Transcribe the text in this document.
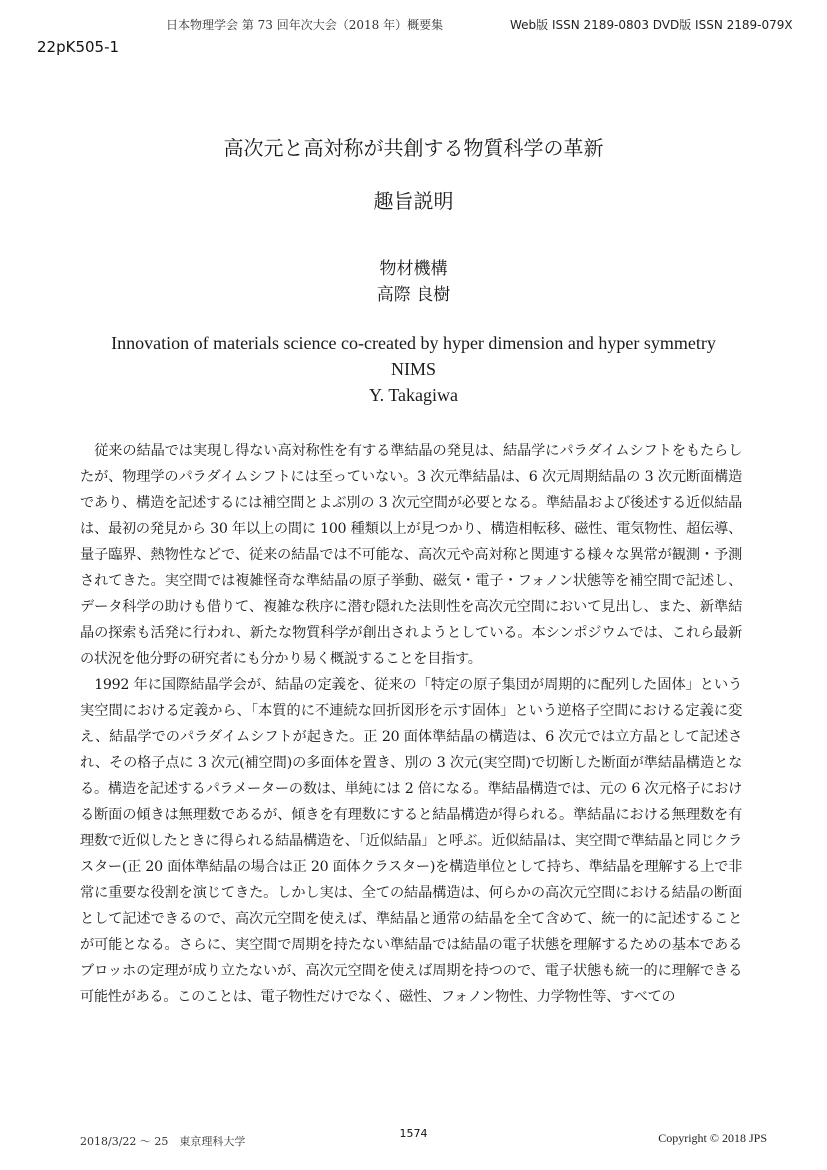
日本物理学会 第 73 回年次大会（2018 年）概要集	Web版 ISSN 2189-0803 DVD版 ISSN 2189-079X
22pK505-1
高次元と高対称が共創する物質科学の革新
趣旨説明
物材機構
高際 良樹
Innovation of materials science co-created by hyper dimension and hyper symmetry
NIMS
Y. Takagiwa

従来の結晶では実現し得ない高対称性を有する準結晶の発見は、結晶学にパラダイムシフトをもたらしたが、物理学のパラダイムシフトには至っていない。3 次元準結晶は、6 次元周期結晶の 3 次元断面構造であり、構造を記述するには補空間とよぶ別の 3 次元空間が必要となる。準結晶および後述する近似結晶は、最初の発見から 30 年以上の間に 100 種類以上が見つかり、構造相転移、磁性、電気物性、超伝導、量子臨界、熱物性などで、従来の結晶では不可能な、高次元や高対称と関連する様々な異常が観測・予測されてきた。実空間では複雑怪奇な準結晶の原子挙動、磁気・電子・フォノン状態等を補空間で記述し、データ科学の助けも借りて、複雑な秩序に潜む隠れた法則性を高次元空間において見出し、また、新準結晶の探索も活発に行われ、新たな物質科学が創出されようとしている。本シンポジウムでは、これら最新の状況を他分野の研究者にも分かり易く概説することを目指す。

1992 年に国際結晶学会が、結晶の定義を、従来の「特定の原子集団が周期的に配列した固体」という実空間における定義から、「本質的に不連続な回折図形を示す固体」という逆格子空間における定義に変え、結晶学でのパラダイムシフトが起きた。正 20 面体準結晶の構造は、6 次元では立方晶として記述され、その格子点に 3 次元(補空間)の多面体を置き、別の 3 次元(実空間)で切断した断面が準結晶構造となる。構造を記述するパラメーターの数は、単純には 2 倍になる。準結晶構造では、元の 6 次元格子における断面の傾きは無理数であるが、傾きを有理数にすると結晶構造が得られる。準結晶における無理数を有理数で近似したときに得られる結晶構造を、「近似結晶」と呼ぶ。近似結晶は、実空間で準結晶と同じクラスター(正 20 面体準結晶の場合は正 20 面体クラスター)を構造単位として持ち、準結晶を理解する上で非常に重要な役割を演じてきた。しかし実は、全ての結晶構造は、何らかの高次元空間における結晶の断面として記述できるので、高次元空間を使えば、準結晶と通常の結晶を全て含めて、統一的に記述することが可能となる。さらに、実空間で周期を持たない準結晶では結晶の電子状態を理解するための基本であるブロッホの定理が成り立たないが、高次元空間を使えば周期を持つので、電子状態も統一的に理解できる可能性がある。このことは、電子物性だけでなく、磁性、フォノン物性、力学物性等、すべての

2018/3/22 ～ 25　東京理科大学
1574	Copyright © 2018 JPS
